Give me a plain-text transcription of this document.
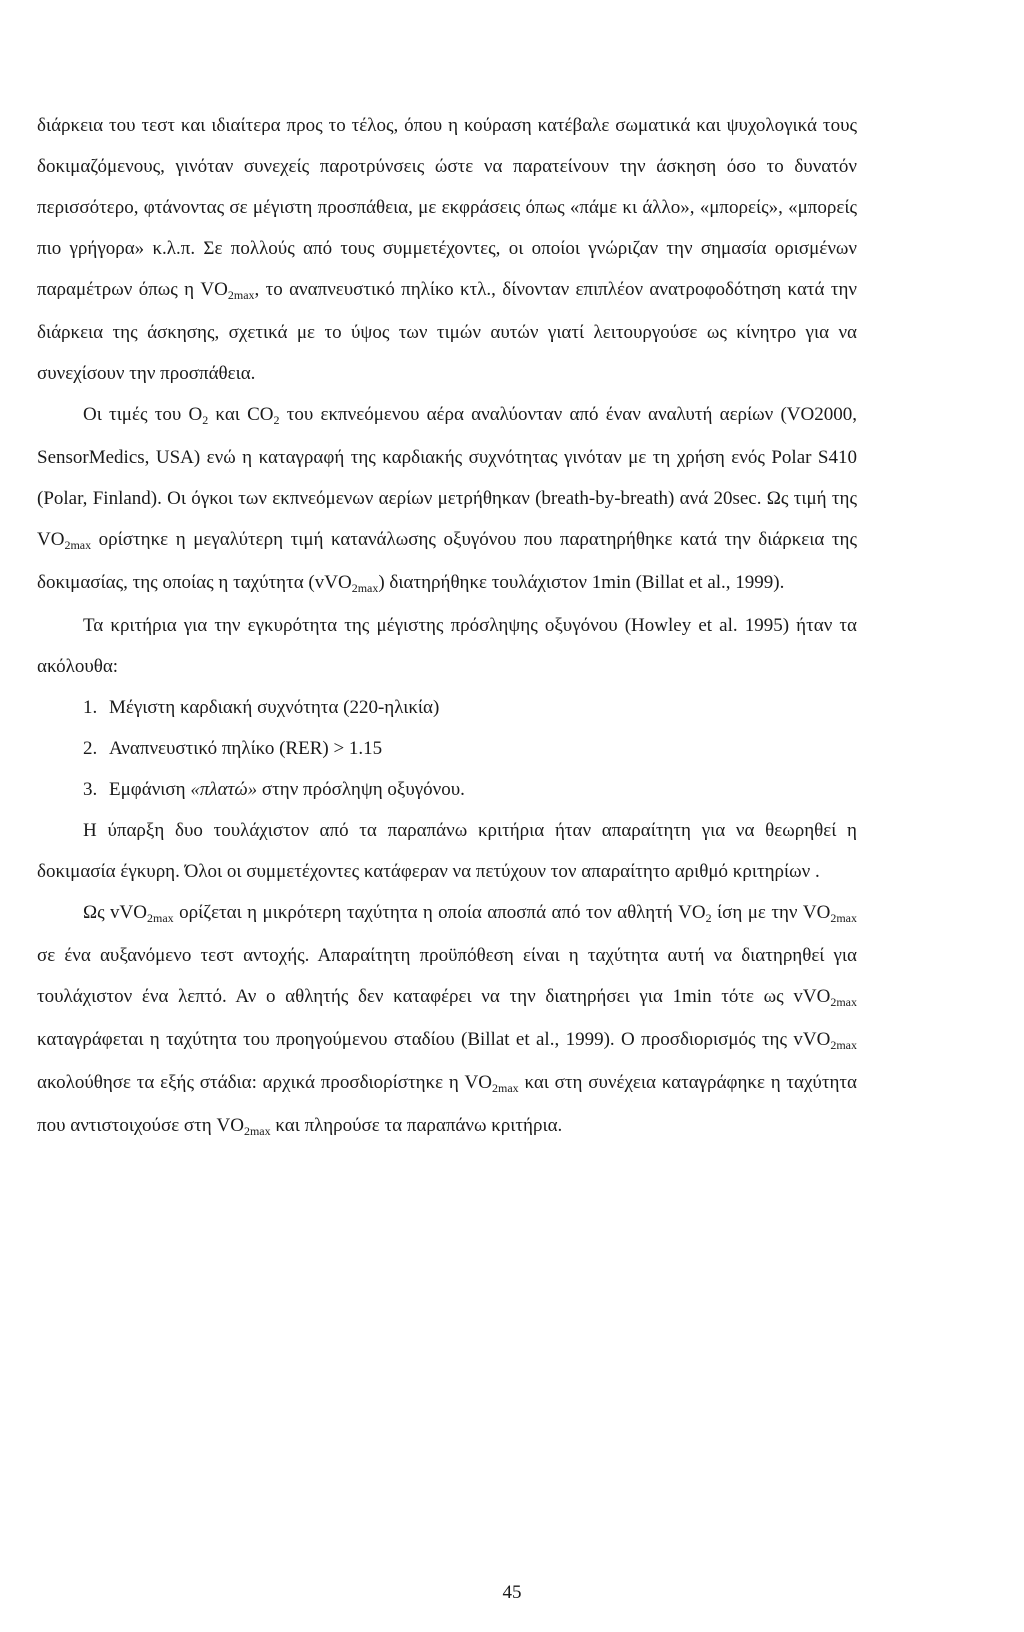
διάρκεια του τεστ και ιδιαίτερα προς το τέλος, όπου η κούραση κατέβαλε σωματικά και ψυχολογικά τους δοκιμαζόμενους, γινόταν συνεχείς παροτρύνσεις ώστε να παρατείνουν την άσκηση όσο το δυνατόν περισσότερο, φτάνοντας σε μέγιστη προσπάθεια, με εκφράσεις όπως «πάμε κι άλλο», «μπορείς», «μπορείς πιο γρήγορα» κ.λ.π. Σε πολλούς από τους συμμετέχοντες, οι οποίοι γνώριζαν την σημασία ορισμένων παραμέτρων όπως η $VO_{2max}$, το αναπνευστικό πηλίκο κτλ., δίνονταν επιπλέον ανατροφοδότηση κατά την διάρκεια της άσκησης, σχετικά με το ύψος των τιμών αυτών γιατί λειτουργούσε ως κίνητρο για να συνεχίσουν την προσπάθεια.

Οι τιμές του $O_2$ και $CO_2$ του εκπνεόμενου αέρα αναλύονταν από έναν αναλυτή αερίων (VO2000, SensorMedics, USA) ενώ η καταγραφή της καρδιακής συχνότητας γινόταν με τη χρήση ενός Polar S410 (Polar, Finland). Οι όγκοι των εκπνεόμενων αερίων μετρήθηκαν (breath-by-breath) ανά 20sec. Ως τιμή της $VO_{2max}$ ορίστηκε η μεγαλύτερη τιμή κατανάλωσης οξυγόνου που παρατηρήθηκε κατά την διάρκεια της δοκιμασίας, της οποίας η ταχύτητα (vVO$_{2max}$) διατηρήθηκε τουλάχιστον 1min (Billat et al., 1999).

Τα κριτήρια για την εγκυρότητα της μέγιστης πρόσληψης οξυγόνου (Howley et al. 1995) ήταν τα ακόλουθα:

1. Μέγιστη καρδιακή συχνότητα (220-ηλικία)
2. Αναπνευστικό πηλίκο (RER) > 1.15
3. Εμφάνιση «πλατώ» στην πρόσληψη οξυγόνου.

Η ύπαρξη δυο τουλάχιστον από τα παραπάνω κριτήρια ήταν απαραίτητη για να θεωρηθεί η δοκιμασία έγκυρη. Όλοι οι συμμετέχοντες κατάφεραν να πετύχουν τον απαραίτητο αριθμό κριτηρίων .

Ως vVO$_{2max}$ ορίζεται η μικρότερη ταχύτητα η οποία αποσπά από τον αθλητή $VO_2$ ίση με την $VO_{2max}$ σε ένα αυξανόμενο τεστ αντοχής. Απαραίτητη προϋπόθεση είναι η ταχύτητα αυτή να διατηρηθεί για τουλάχιστον ένα λεπτό. Αν ο αθλητής δεν καταφέρει να την διατηρήσει για 1min τότε ως vVO$_{2max}$ καταγράφεται η ταχύτητα του προηγούμενου σταδίου (Billat et al., 1999). Ο προσδιορισμός της vVO$_{2max}$ ακολούθησε τα εξής στάδια: αρχικά προσδιορίστηκε η $VO_{2max}$ και στη συνέχεια καταγράφηκε η ταχύτητα που αντιστοιχούσε στη $VO_{2max}$ και πληρούσε τα παραπάνω κριτήρια.

45
